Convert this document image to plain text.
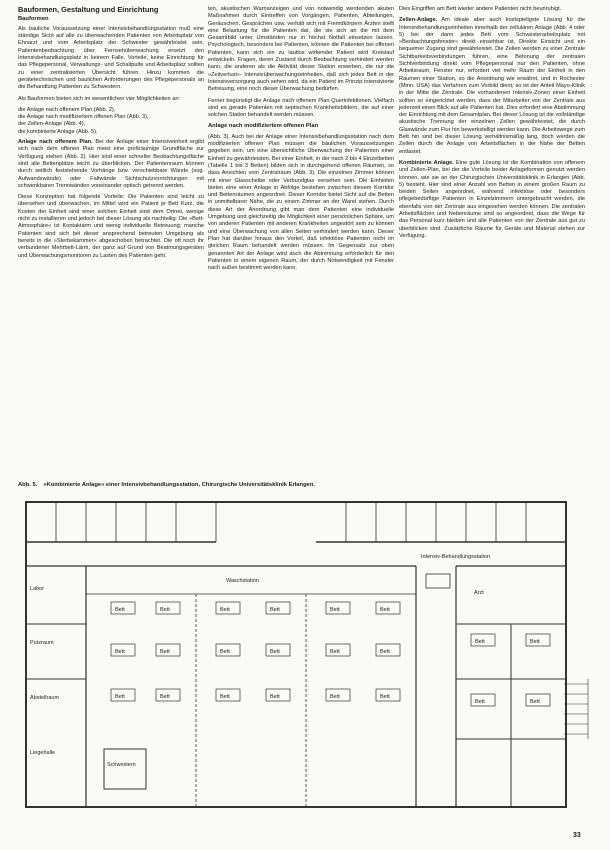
Bauformen, Gestaltung und Einrichtung
Bauformen

Als bauliche Voraussetzung einer Intensivbehandlungsstation muß eine ständige Sicht auf alle zu überwachenden Patienten von Arbeitsplatz von Ehnarzt und vom Arbeitsplatz der Schwester gewährleistet sein. Patientenbeobachtung über Fernsehüberwachung ersetzt den Intensivbehandlungsplatz in keinem Falle. Vorteile, keine Einrichtung für das Pflegepersonal, Verwaltungs- und Schaltpulte und Arbeitsplatz sollten zu einer zentralisierten Übersicht führen. Hinzu kommen die gerätetechnischen und baulichen Anforderungen des Pflegepersonals an die Behandlung Patienten zu Schwestern.

Als Bauformen bieten sich im wesentlichen vier Möglichkeiten an:

die Anlage nach offenem Plan (Abb. 2),
die Anlage nach modifiziertem offenen Plan (Abb. 3),
der Zellen-Anlage (Abb. 4),
die kombinierte Anlage (Abb. 5).

Anlage nach offenem Plan. Bei der Anlage einer Intensiveinheit ergibt sich nach dem offenen Plan meist eine großräumige Grundfläche zur Verfügung stehen (Abb. 2). Hier sind einer schneller Beobachtungsfläche sind alle Bettenplätze leicht zu überblicken. Der Patientenraum können durch seitlich feststehende Vorhänge bzw. verschiebbare Wände (sog. Aufwandswände) oder Faltwände Sichtschutzvorrichtungen mit schwenkbaren Trennwänden voneinander optisch getrennt werden.

Diese Konzeption hat folgende Vorteile: Die Patienten sind leicht zu übersehen und überwachen, im Mittel wird ein Patient je Bett Kurz, die Kosten der Einheit sind einer solchen Einheit sind dem Ortnet, wenige nicht zu installieren und jedoch bei dieser Lösung als nachteilig: Die »Bett-Atmosphäre« ist Kontaktarm und wenig individuelle Betreuung; manche Patienten sind sich bei dieser ansprechend betreuten Umgebung als bereits in die »Sterbekammer« abgeschoben betrachtet. Die oft noch ihr verbundener Mehrbett-Lärm, der ganz auf Grund von Beatmungsgeräten und Überwachungsmonitoren zu Lasten des Patienten geht.

ten, akustischen Warnanzeigen und von notwendig werdenden akuten Maßnahmen durch Eintreffen von Vorgängen, Patienten, Abteilungen, Geräuschen, Gesprächen usw. verhält sich mit Fremdkörpern Ärzten stellt eine Belastung für die Patienten dar, die sie sich an die mit dem Gesamtbild unter Umständen nur in höchst Notfall einsetzen lassen. Psychologisch, besonders bei Patienten, können die Patienten bei offenen Patienten, kann sich ein zu lautlos wirkender Patient wird Kreislauf entwickeln. Fragen, deren Zustand durch Beobachtung verhindert werden kann, die anderen als die Aktivität dieser Station erwerben, die nur die »Zeitverlust«- Intensivüberwachungseinheiten, daß sich jedes Bett in der Intensivversorgung auch sehen wird, da ein Patient im Prinzip intensivierte Betreuung, eine noch dieser Überwachung bedürfen.

Ferner begünstigt die Anlage nach offenem Plan Querinfektionen. Vielfach sind es gerade Patienten mit septischen Krankheitsbildern, die auf einer solchen Station behandelt werden müssen.

Anlage nach modifiziertem offenen Plan

(Abb. 3). Auch bei der Anlage einer Intensivbehandlungsstation nach dem modifizierten offenen Plan müssen die baulichen Voraussetzungen gegeben sein, um eine übersichtliche Überwachung der Patienten einer Einheit zu gewährleisten. Bei einer Einheit, in der nach 2 bis 4 Einzelbetten (Tabelle 1 bis 3 Betten) bilden sich in durchgehend offenen Räumen, so dass Ansichten vom Zentralraum (Abb. 3). Die einzelnen Zimmer können mit einer Glasscheibe oder Verbundglas versehen sein. Die Einheiten bieten eine einer Anlage in Abfolge bestehen zwischen diesem Korridor und Bettenräumen angeordnet. Dieser Korridor bietet Sicht auf die Betten in unmittelbarer Nähe, die zu einem Zimmer an der Wand stehen. Durch diese Art der Anordnung gibt man dem Patienten eine individuelle Umgebung und gleichzeitig die Möglichkeit einer persönlichen Sphäre, um von anderen Patienten mit anderen Krankheiten ungestört sein zu können und eine Überwachung von allen Seiten verhindert werden kann. Dieser Plan hat darüber hinaus den Vorteil, daß infektiöse Patienten nicht im gleichen Raum behandelt werden müssen. Im Gegensatz zur oben genannten Art der Anlage wird auch die Abtrennung erforderlich für den Patienten in einem eigenen Raum, der durch Notwendigkeit mit Fenster nach außen bestimmt werden kann.

Dies Eingriffen am Bett wieder andere Patienten nicht beunruhigt.

Zellen-Anlage. Am ideale aber auch kostspieligste Lösung für die Intensivbehandlungseinheiten innerhalb der zellulären Anlage (Abb. 4 oder 5) bei der dann jedes Bett vom Schwesterarbeitsplatz mit »Beobachtungsfenster« direkt einsehbar ist. Direkte Einsicht und ein bequemer Zugang sind gewährleistet. Die Zellen werden zu einer Zentrale Sichtbarkeitsverbindungen führen, eine Betonung der zentralen Sichtverbindung direkt vom Pflegepersonal nur den Patienten, ohne Arbeitsraum, Fenster nur, erfordert viel mehr Raum der Einheit in den Räumen einer Station, so die Anordnung wie erwähnt, und in Rochester (Minn. USA) das Verfahren zum Vorbild dient, so ist der Anteil Mayo-Klinik in der Mitte die Zentrale. Die vorhandenen Intensiv-Zonen einer Einheit sollten so eingerichtet werden, dass der Mitarbeiter von der Zentrale aus jederzeit einen Blick auf alle Patienten hat. Dies erfordert eine Abstimmung der Einrichtung mit dem Gesamtplan. Bei dieser Lösung ist die vollständige akustische Trennung der einzelnen Zellen gewährleistet, die durch Glaswände zum Flur hin bewerkstelligt werden kann. Die Arbeitswege zum Bett hin sind bei dieser Lösung verhältnismäßig lang, doch werden die Zellen durch die Anlage von Arbeitsflächen in der Nähe der Betten entlastet.

Kombinierte Anlage. Eine gute Lösung ist die Kombination von offenem und Zellen-Plan, bei der die Vorteile beider Anlageformen genutzt werden können, wie sie an der Chirurgischen Universitätsklinik in Erlangen (Abb. 5) besteht. Hier sind einer Anzahl von Betten in einem großen Raum zu beiden Seiten angeordnet, während infektiöse oder besonders pflegebedürftige Patienten in Einzelzimmern untergebracht werden, die ebenfalls von der Zentrale aus eingesehen werden können. Die zentralen Arbeitsflächen und Nebenräume sind so angeordnet, dass die Wege für das Personal kurz bleiben und alle Patienten von der Zentrale aus gut zu überblicken sind. Zusätzliche Räume für Geräte und Material stehen zur Verfügung.

Abb. 5. »Kombinierte Anlage« einer Intensivbehandlungsstation, Chirurgische Universitätsklinik Erlangen.
Labor
Putzraum
Abstellraum
Liegehalle
Intensiv-Behandlungsstation
Waschstation
Schwestern
Arzt
Bett	Bett
Bett	Bett
Bett	Bett
Bett	Bett
Bett	Bett
Bett	Bett
Bett	Bett
Bett	Bett
Bett	Bett
Bett	Bett
Bett	Bett
33
